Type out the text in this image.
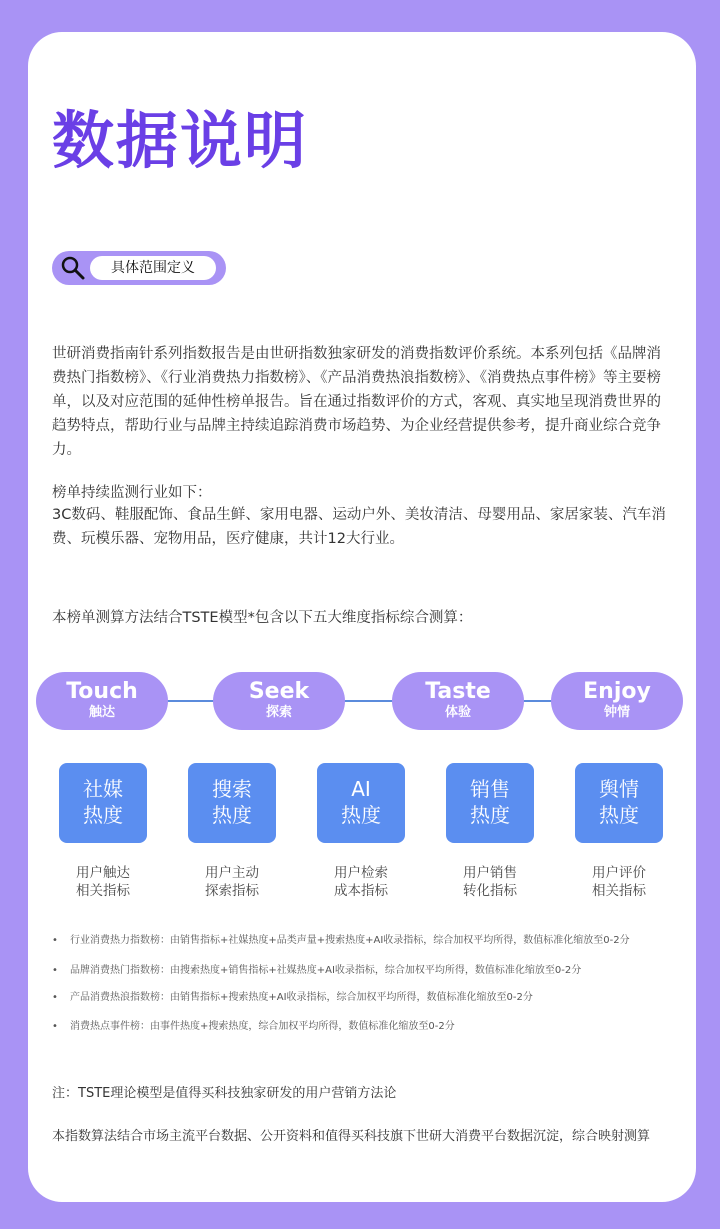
数据说明
具体范围定义
世研消费指南针系列指数报告是由世研指数独家研发的消费指数评价系统。本系列包括《品牌消费热门指数榜》、《行业消费热力指数榜》、《产品消费热浪指数榜》、《消费热点事件榜》等主要榜单，以及对应范围的延伸性榜单报告。旨在通过指数评价的方式，客观、真实地呈现消费世界的趋势特点，帮助行业与品牌主持续追踪消费市场趋势、为企业经营提供参考，提升商业综合竞争力。
榜单持续监测行业如下：
3C数码、鞋服配饰、食品生鲜、家用电器、运动户外、美妆清洁、母婴用品、家居家装、汽车消费、玩模乐器、宠物用品，医疗健康，共计12大行业。
本榜单测算方法结合TSTE模型*包含以下五大维度指标综合测算：
Touch
触达
Seek
探索
Taste
体验
Enjoy
钟情
社媒
热度
搜索
热度
AI
热度
销售
热度
舆情
热度
用户触达
相关指标
用户主动
探索指标
用户检索
成本指标
用户销售
转化指标
用户评价
相关指标
• 行业消费热力指数榜：由销售指标+社媒热度+品类声量+搜索热度+AI收录指标，综合加权平均所得，数值标准化缩放至0-2分
• 品牌消费热门指数榜：由搜索热度+销售指标+社媒热度+AI收录指标，综合加权平均所得，数值标准化缩放至0-2分
• 产品消费热浪指数榜：由销售指标+搜索热度+AI收录指标，综合加权平均所得，数值标准化缩放至0-2分
• 消费热点事件榜：由事件热度+搜索热度，综合加权平均所得，数值标准化缩放至0-2分
注：TSTE理论模型是值得买科技独家研发的用户营销方法论
本指数算法结合市场主流平台数据、公开资料和值得买科技旗下世研大消费平台数据沉淀，综合映射测算
